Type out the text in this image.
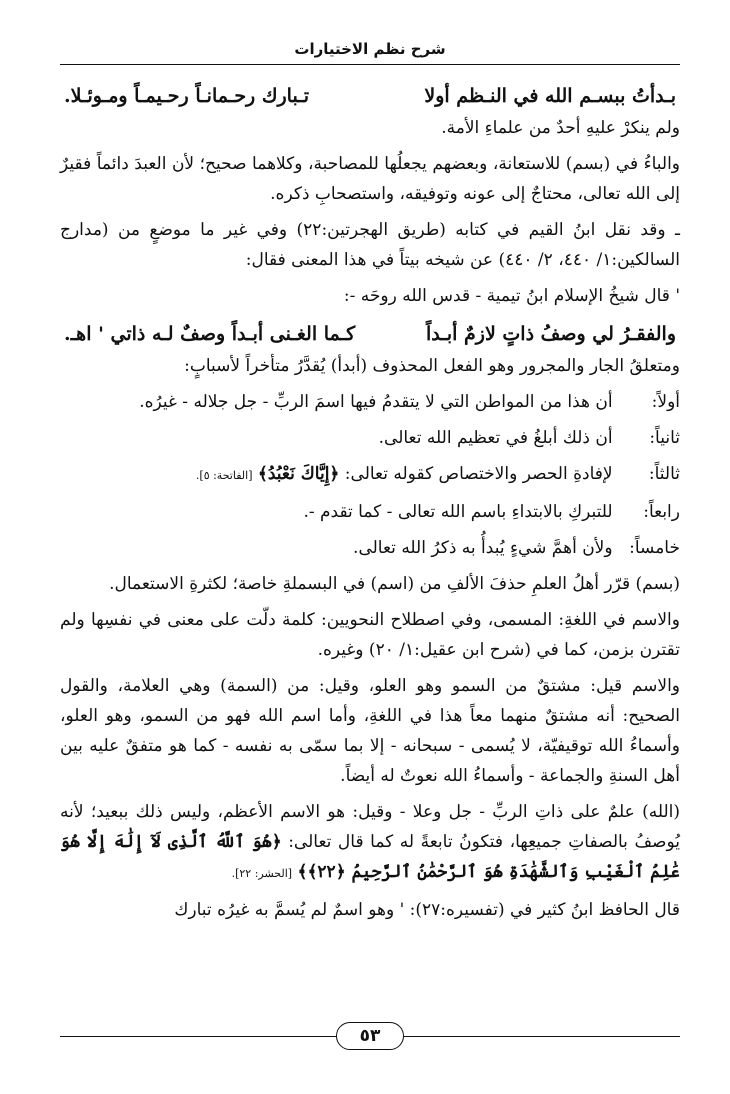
شرح نظم الاختيارات
بـدأتُ ببسـم الله في النـظم أولا
تـبارك رحـمانـاً رحـيمـاً ومـوئـلا.

ولم ينكرْ عليهِ أحدٌ من علماءِ الأمة.

والباءُ في (بسم) للاستعانة، وبعضهم يجعلُها للمصاحبة، وكلاهما صحيح؛ لأن العبدَ دائماً فقيرٌ إلى الله تعالى، محتاجٌ إلى عونه وتوفيقه، واستصحابِ ذكره.

ـ وقد نقل ابنُ القيم في كتابه (طريق الهجرتين:٢٢) وفي غير ما موضعٍ من (مدارج السالكين:١/ ٤٤٠، ٢/ ٤٤٠) عن شيخه بيتاً في هذا المعنى فقال:

' قال شيخُ الإسلام ابنُ تيمية - قدس الله روحَه -:

والفقـرُ لي وصفُ ذاتٍ لازمٌ أبـداً
كـما الغـنى أبـداً وصفٌ لـه ذاتي ' اهـ.

ومتعلقُ الجار والمجرور وهو الفعل المحذوف (أبدأ) يُقدَّرُ متأخراً لأسبابٍ:

أولاً: أن هذا من المواطن التي لا يتقدمُ فيها اسمَ الربِّ - جل جلاله - غيرُه.

ثانياً: أن ذلك أبلغُ في تعظيم الله تعالى.

ثالثاً: لإفادةِ الحصر والاختصاص كقوله تعالى: ﴿إِيَّاكَ نَعْبُدُ﴾ [الفاتحة: ٥].

رابعاً: للتبركِ بالابتداءِ باسم الله تعالى - كما تقدم -.

خامساً: ولأن أهمَّ شيءٍ يُبدأُ به ذكرُ الله تعالى.

(بسم) قرّر أهلُ العلمِ حذفَ الألفِ من (اسم) في البسملةِ خاصة؛ لكثرةِ الاستعمال.

والاسم في اللغةِ: المسمى، وفي اصطلاح النحويين: كلمة دلّت على معنى في نفسِها ولم تقترن بزمن، كما في (شرح ابن عقيل:١/ ٢٠) وغيره.

والاسم قيل: مشتقٌ من السمو وهو العلو، وقيل: من (السمة) وهي العلامة، والقول الصحيح: أنه مشتقٌ منهما معاً هذا في اللغةِ، وأما اسم الله فهو من السمو، وهو العلو، وأسماءُ الله توقيفيّة، لا يُسمى - سبحانه - إلا بما سمّى به نفسه - كما هو متفقٌ عليه بين أهل السنةِ والجماعة - وأسماءُ الله نعوتٌ له أيضاً.

(الله) علمٌ على ذاتِ الربِّ - جل وعلا - وقيل: هو الاسم الأعظم، وليس ذلك ببعيد؛ لأنه يُوصفُ بالصفاتِ جميعِها، فتكونُ تابعةً له كما قال تعالى: ﴿هُوَ ٱللَّهُ ٱلَّذِى لَآ إِلَٰهَ إِلَّا هُوَ عَٰلِمُ ٱلْغَيْبِ وَٱلشَّهَٰدَةِ هُوَ ٱلرَّحْمَٰنُ ٱلرَّحِيمُ ﴿٢٢﴾﴾ [الحشر: ٢٢].

قال الحافظ ابنُ كثير في (تفسيره:٢٧): ' وهو اسمٌ لم يُسمَّ به غيرُه تبارك

٥٣
